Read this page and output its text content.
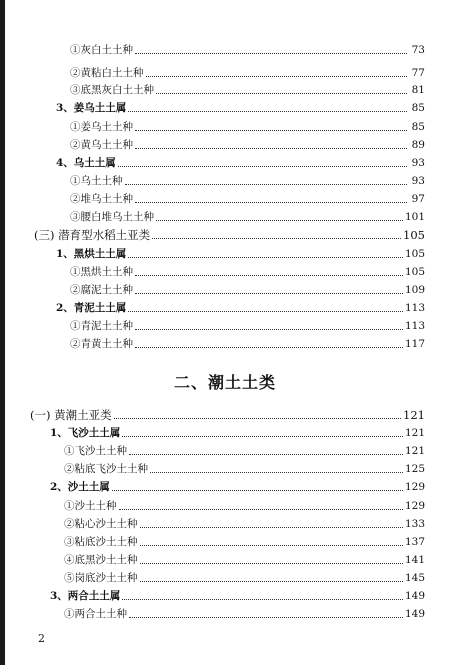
①灰白土土种	73
②黄粘白土土种	77
③底黑灰白土土种	81
3、姜乌土土属	85
①姜乌土土种	85
②黄乌土土种	89
4、乌土土属	93
①乌土土种	93
②堆乌土土种	97
③腰白堆乌土土种	101
(三) 潜育型水稻土亚类	105
1、黑烘土土属	105
①黑烘土土种	105
②腐泥土土种	109
2、青泥土土属	113
①青泥土土种	113
②青黄土土种	117
二、潮土土类
(一) 黄潮土亚类	121
1、飞沙土土属	121
①飞沙土土种	121
②粘底飞沙土土种	125
2、沙土土属	129
①沙土土种	129
②粘心沙土土种	133
③粘底沙土土种	137
④底黑沙土土种	141
⑤岗底沙土土种	145
3、两合土土属	149
①两合土土种	149
2
